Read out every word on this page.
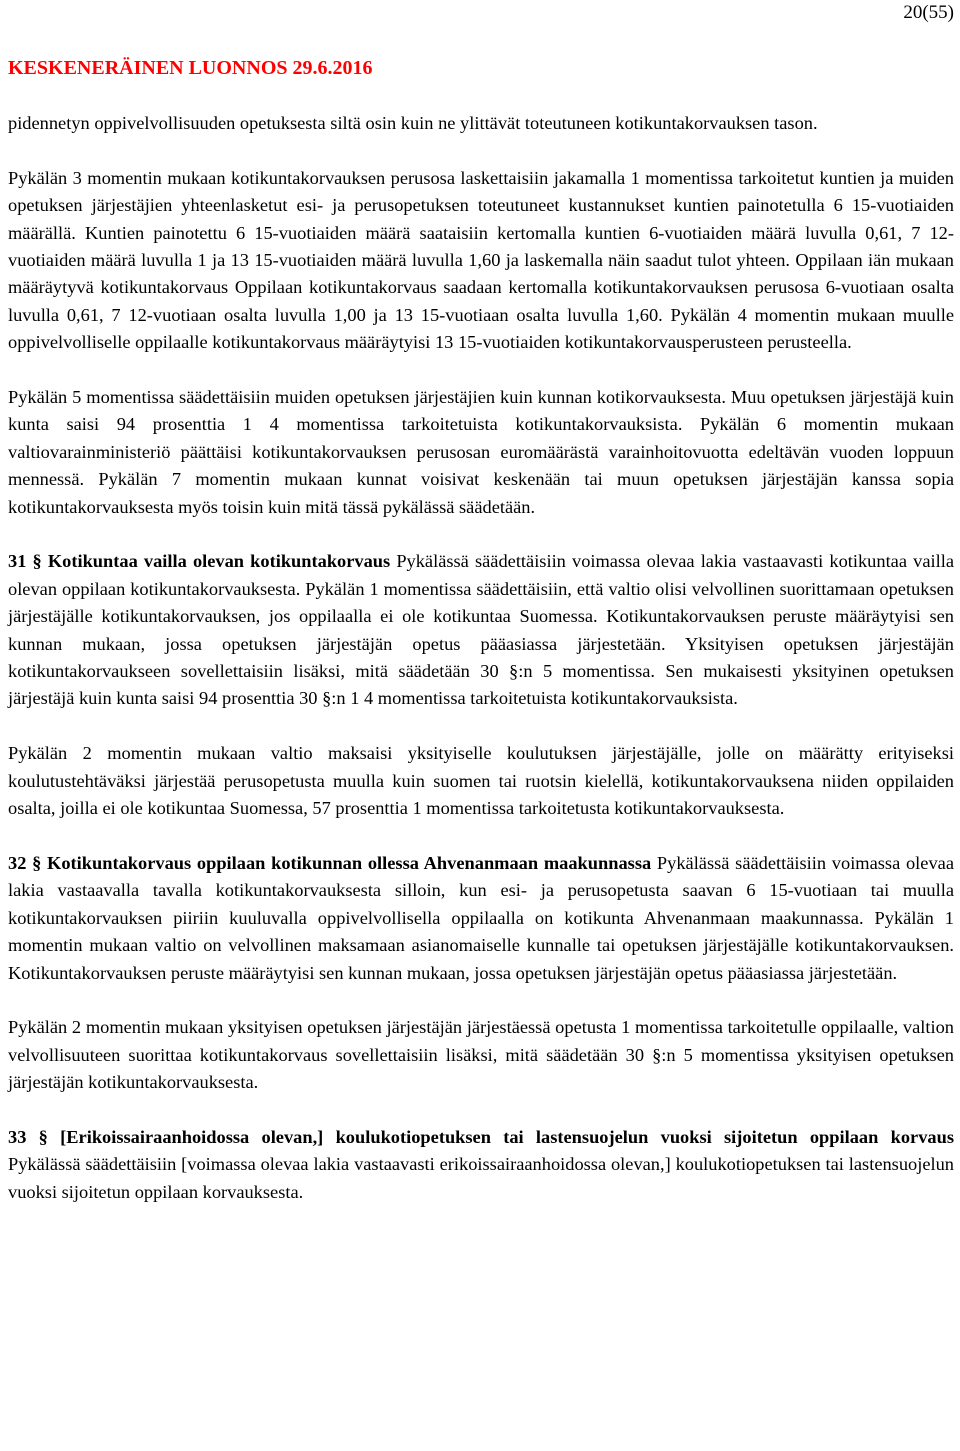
20(55)
KESKENERÄINEN LUONNOS 29.6.2016

pidennetyn oppivelvollisuuden opetuksesta siltä osin kuin ne ylittävät toteutuneen kotikuntakorvauksen tason.

Pykälän 3 momentin mukaan kotikuntakorvauksen perusosa laskettaisiin jakamalla 1 momentissa tarkoitetut kuntien ja muiden opetuksen järjestäjien yhteenlasketut esi- ja perusopetuksen toteutuneet kustannukset kuntien painotetulla 6 15-vuotiaiden määrällä. Kuntien painotettu 6 15-vuotiaiden määrä saataisiin kertomalla kuntien 6-vuotiaiden määrä luvulla 0,61, 7 12-vuotiaiden määrä luvulla 1 ja 13 15-vuotiaiden määrä luvulla 1,60 ja laskemalla näin saadut tulot yhteen. Oppilaan iän mukaan määräytyvä kotikuntakorvaus Oppilaan kotikuntakorvaus saadaan kertomalla kotikuntakorvauksen perusosa 6-vuotiaan osalta luvulla 0,61, 7 12-vuotiaan osalta luvulla 1,00 ja 13 15-vuotiaan osalta luvulla 1,60. Pykälän 4 momentin mukaan muulle oppivelvolliselle oppilaalle kotikuntakorvaus määräytyisi 13 15-vuotiaiden kotikuntakorvausperusteen perusteella.

Pykälän 5 momentissa säädettäisiin muiden opetuksen järjestäjien kuin kunnan kotikorvauksesta. Muu opetuksen järjestäjä kuin kunta saisi 94 prosenttia 1 4 momentissa tarkoitetuista kotikuntakorvauksista. Pykälän 6 momentin mukaan valtiovarainministeriö päättäisi kotikuntakorvauksen perusosan euromäärästä varainhoitovuotta edeltävän vuoden loppuun mennessä. Pykälän 7 momentin mukaan kunnat voisivat keskenään tai muun opetuksen järjestäjän kanssa sopia kotikuntakorvauksesta myös toisin kuin mitä tässä pykälässä säädetään.

31 § Kotikuntaa vailla olevan kotikuntakorvaus Pykälässä säädettäisiin voimassa olevaa lakia vastaavasti kotikuntaa vailla olevan oppilaan kotikuntakorvauksesta. Pykälän 1 momentissa säädettäisiin, että valtio olisi velvollinen suorittamaan opetuksen järjestäjälle kotikuntakorvauksen, jos oppilaalla ei ole kotikuntaa Suomessa. Kotikuntakorvauksen peruste määräytyisi sen kunnan mukaan, jossa opetuksen järjestäjän opetus pääasiassa järjestetään. Yksityisen opetuksen järjestäjän kotikuntakorvaukseen sovellettaisiin lisäksi, mitä säädetään 30 §:n 5 momentissa. Sen mukaisesti yksityinen opetuksen järjestäjä kuin kunta saisi 94 prosenttia 30 §:n 1 4 momentissa tarkoitetuista kotikuntakorvauksista.

Pykälän 2 momentin mukaan valtio maksaisi yksityiselle koulutuksen järjestäjälle, jolle on määrätty erityiseksi koulutustehtäväksi järjestää perusopetusta muulla kuin suomen tai ruotsin kielellä, kotikuntakorvauksena niiden oppilaiden osalta, joilla ei ole kotikuntaa Suomessa, 57 prosenttia 1 momentissa tarkoitetusta kotikuntakorvauksesta.

32 § Kotikuntakorvaus oppilaan kotikunnan ollessa Ahvenanmaan maakunnassa Pykälässä säädettäisiin voimassa olevaa lakia vastaavalla tavalla kotikuntakorvauksesta silloin, kun esi- ja perusopetusta saavan 6 15-vuotiaan tai muulla kotikuntakorvauksen piiriin kuuluvalla oppivelvollisella oppilaalla on kotikunta Ahvenanmaan maakunnassa. Pykälän 1 momentin mukaan valtio on velvollinen maksamaan asianomaiselle kunnalle tai opetuksen järjestäjälle kotikuntakorvauksen. Kotikuntakorvauksen peruste määräytyisi sen kunnan mukaan, jossa opetuksen järjestäjän opetus pääasiassa järjestetään.

Pykälän 2 momentin mukaan yksityisen opetuksen järjestäjän järjestäessä opetusta 1 momentissa tarkoitetulle oppilaalle, valtion velvollisuuteen suorittaa kotikuntakorvaus sovellettaisiin lisäksi, mitä säädetään 30 §:n 5 momentissa yksityisen opetuksen järjestäjän kotikuntakorvauksesta.

33 § [Erikoissairaanhoidossa olevan,] koulukotiopetuksen tai lastensuojelun vuoksi sijoitetun oppilaan korvaus Pykälässä säädettäisiin [voimassa olevaa lakia vastaavasti erikoissairaanhoidossa olevan,] koulukotiopetuksen tai lastensuojelun vuoksi sijoitetun oppilaan korvauksesta.
